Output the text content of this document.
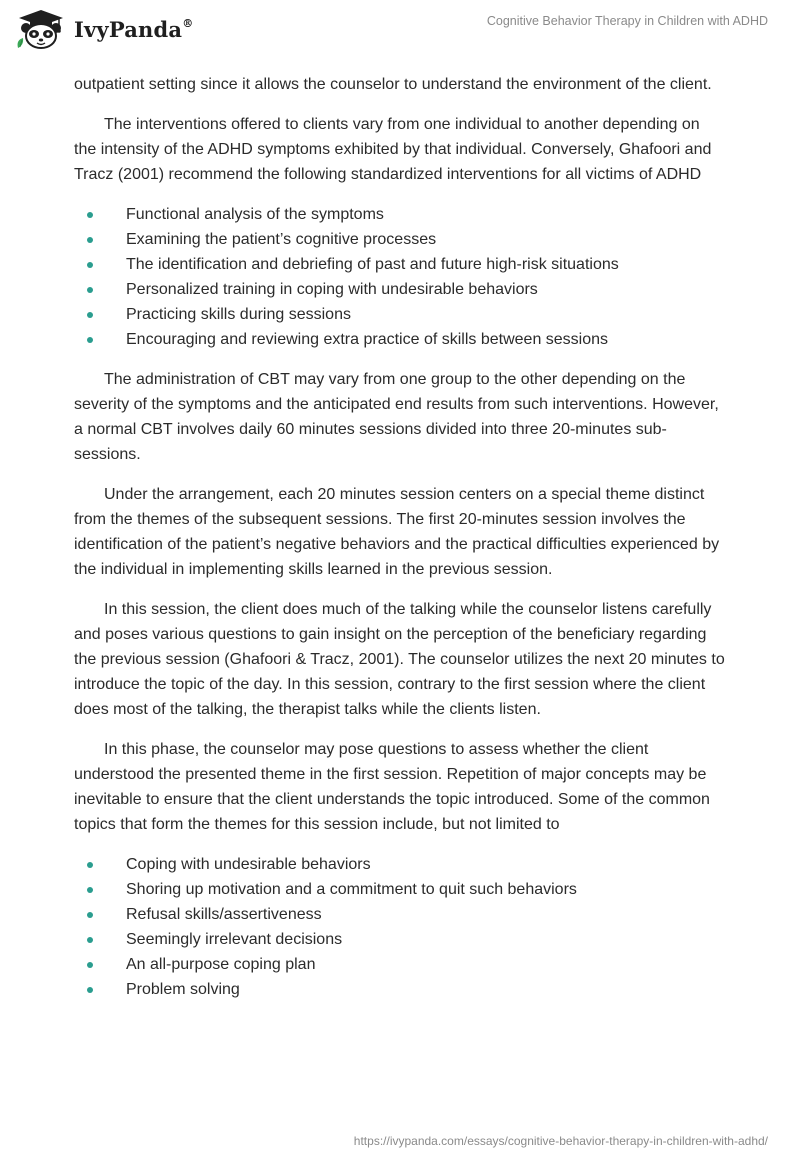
IvyPanda®	Cognitive Behavior Therapy in Children with ADHD

outpatient setting since it allows the counselor to understand the environment of the client.

The interventions offered to clients vary from one individual to another depending on the intensity of the ADHD symptoms exhibited by that individual. Conversely, Ghafoori and Tracz (2001) recommend the following standardized interventions for all victims of ADHD

Functional analysis of the symptoms
Examining the patient’s cognitive processes
The identification and debriefing of past and future high-risk situations
Personalized training in coping with undesirable behaviors
Practicing skills during sessions
Encouraging and reviewing extra practice of skills between sessions

The administration of CBT may vary from one group to the other depending on the severity of the symptoms and the anticipated end results from such interventions. However, a normal CBT involves daily 60 minutes sessions divided into three 20-minutes sub-sessions.

Under the arrangement, each 20 minutes session centers on a special theme distinct from the themes of the subsequent sessions. The first 20-minutes session involves the identification of the patient’s negative behaviors and the practical difficulties experienced by the individual in implementing skills learned in the previous session.

In this session, the client does much of the talking while the counselor listens carefully and poses various questions to gain insight on the perception of the beneficiary regarding the previous session (Ghafoori & Tracz, 2001). The counselor utilizes the next 20 minutes to introduce the topic of the day. In this session, contrary to the first session where the client does most of the talking, the therapist talks while the clients listen.

In this phase, the counselor may pose questions to assess whether the client understood the presented theme in the first session. Repetition of major concepts may be inevitable to ensure that the client understands the topic introduced. Some of the common topics that form the themes for this session include, but not limited to

Coping with undesirable behaviors
Shoring up motivation and a commitment to quit such behaviors
Refusal skills/assertiveness
Seemingly irrelevant decisions
An all-purpose coping plan
Problem solving
https://ivypanda.com/essays/cognitive-behavior-therapy-in-children-with-adhd/
